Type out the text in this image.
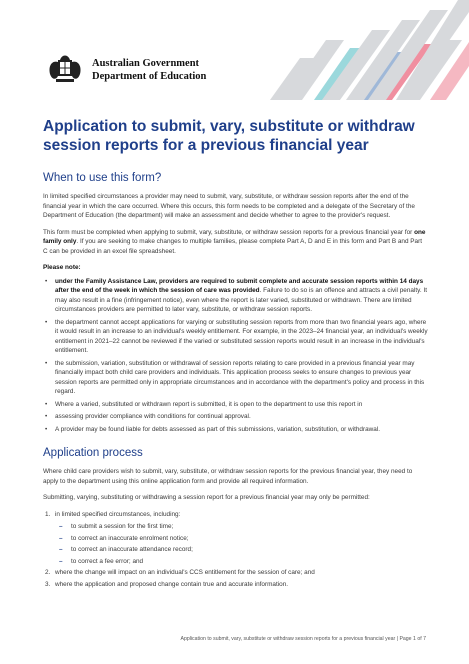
Australian Government
Department of Education
Application to submit, vary, substitute or withdraw session reports for a previous financial year
When to use this form?

In limited specified circumstances a provider may need to submit, vary, substitute, or withdraw session reports after the end of the financial year in which the care occurred. Where this occurs, this form needs to be completed and a delegate of the Secretary of the Department of Education (the department) will make an assessment and decide whether to agree to the provider's request.

This form must be completed when applying to submit, vary, substitute, or withdraw session reports for a previous financial year for one family only. If you are seeking to make changes to multiple families, please complete Part A, D and E in this form and Part B and Part C can be provided in an excel file spreadsheet.

Please note:

• under the Family Assistance Law, providers are required to submit complete and accurate session reports within 14 days after the end of the week in which the session of care was provided. Failure to do so is an offence and attracts a civil penalty. It may also result in a fine (infringement notice), even where the report is later varied, substituted or withdrawn. There are limited circumstances providers are permitted to later vary, substitute, or withdraw session reports.
• the department cannot accept applications for varying or substituting session reports from more than two financial years ago, where it would result in an increase to an individual's weekly entitlement. For example, in the 2023–24 financial year, an individual's weekly entitlement in 2021–22 cannot be reviewed if the varied or substituted session reports would result in an increase in the individual's entitlement.
• the submission, variation, substitution or withdrawal of session reports relating to care provided in a previous financial year may financially impact both child care providers and individuals. This application process seeks to ensure changes to previous year session reports are permitted only in appropriate circumstances and in accordance with the department's policy and process in this regard.
• Where a varied, substituted or withdrawn report is submitted, it is open to the department to use this report in
• assessing provider compliance with conditions for continual approval.
• A provider may be found liable for debts assessed as part of this submissions, variation, substitution, or withdrawal.
Application process

Where child care providers wish to submit, vary, substitute, or withdraw session reports for the previous financial year, they need to apply to the department using this online application form and provide all required information.

Submitting, varying, substituting or withdrawing a session report for a previous financial year may only be permitted:

1. in limited specified circumstances, including:
– to submit a session for the first time;
– to correct an inaccurate enrolment notice;
– to correct an inaccurate attendance record;
– to correct a fee error; and
2. where the change will impact on an individual's CCS entitlement for the session of care; and
3. where the application and proposed change contain true and accurate information.
Application to submit, vary, substitute or withdraw session reports for a previous financial year | Page 1 of 7
